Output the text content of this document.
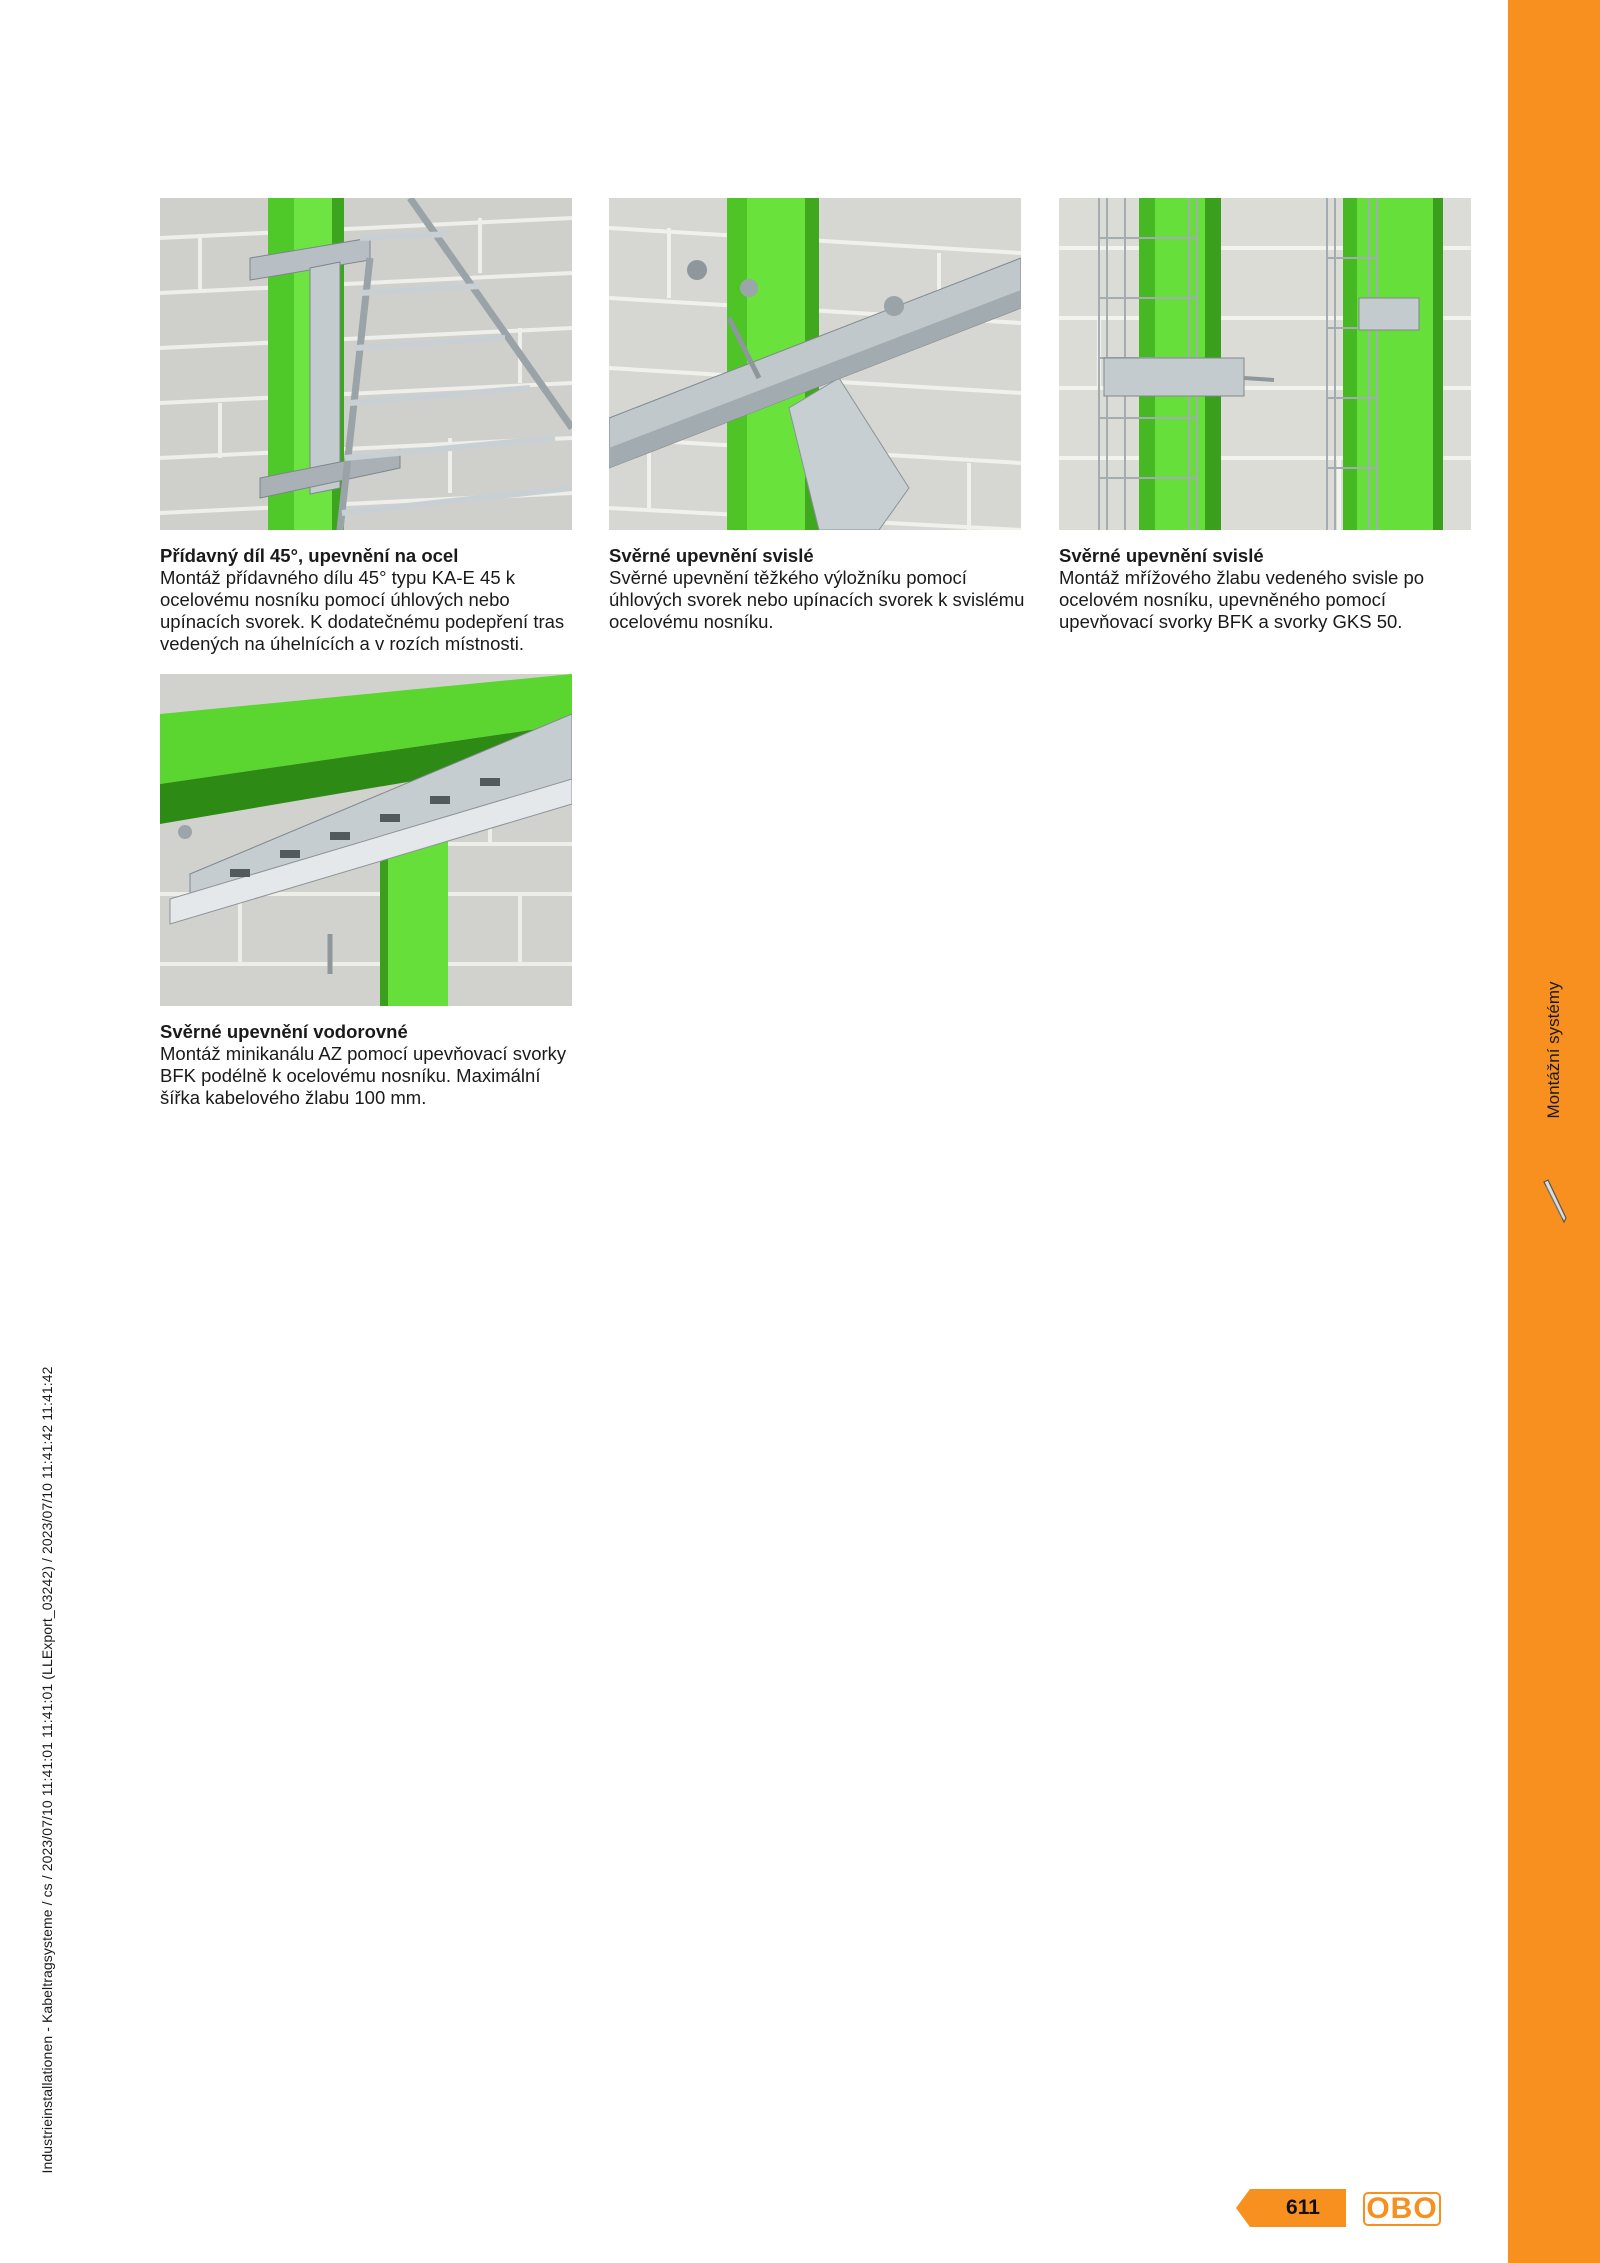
Montážní systémy
Industrieinstallationen - Kabeltragsysteme / cs / 2023/07/10 11:41:01 11:41:01 (LLExport_03242) / 2023/07/10 11:41:42 11:41:42
Přídavný díl 45°, upevnění na ocel
Montáž přídavného dílu 45° typu KA-E 45 k ocelovému nosníku pomocí úhlových nebo upínacích svorek. K dodatečnému podepření tras vedených na úhelnících a v rozích místnosti.
Svěrné upevnění svislé
Svěrné upevnění těžkého výložníku pomocí úhlových svorek nebo upínacích svorek k svislému ocelovému nosníku.
Svěrné upevnění svislé
Montáž mřížového žlabu vedeného svisle po ocelovém nosníku, upevněného pomocí upevňovací svorky BFK a svorky GKS 50.
Svěrné upevnění vodorovné
Montáž minikanálu AZ pomocí upevňovací svorky BFK podélně k ocelovému nosníku. Maximální šířka kabelového žlabu 100 mm.
611	OBO
